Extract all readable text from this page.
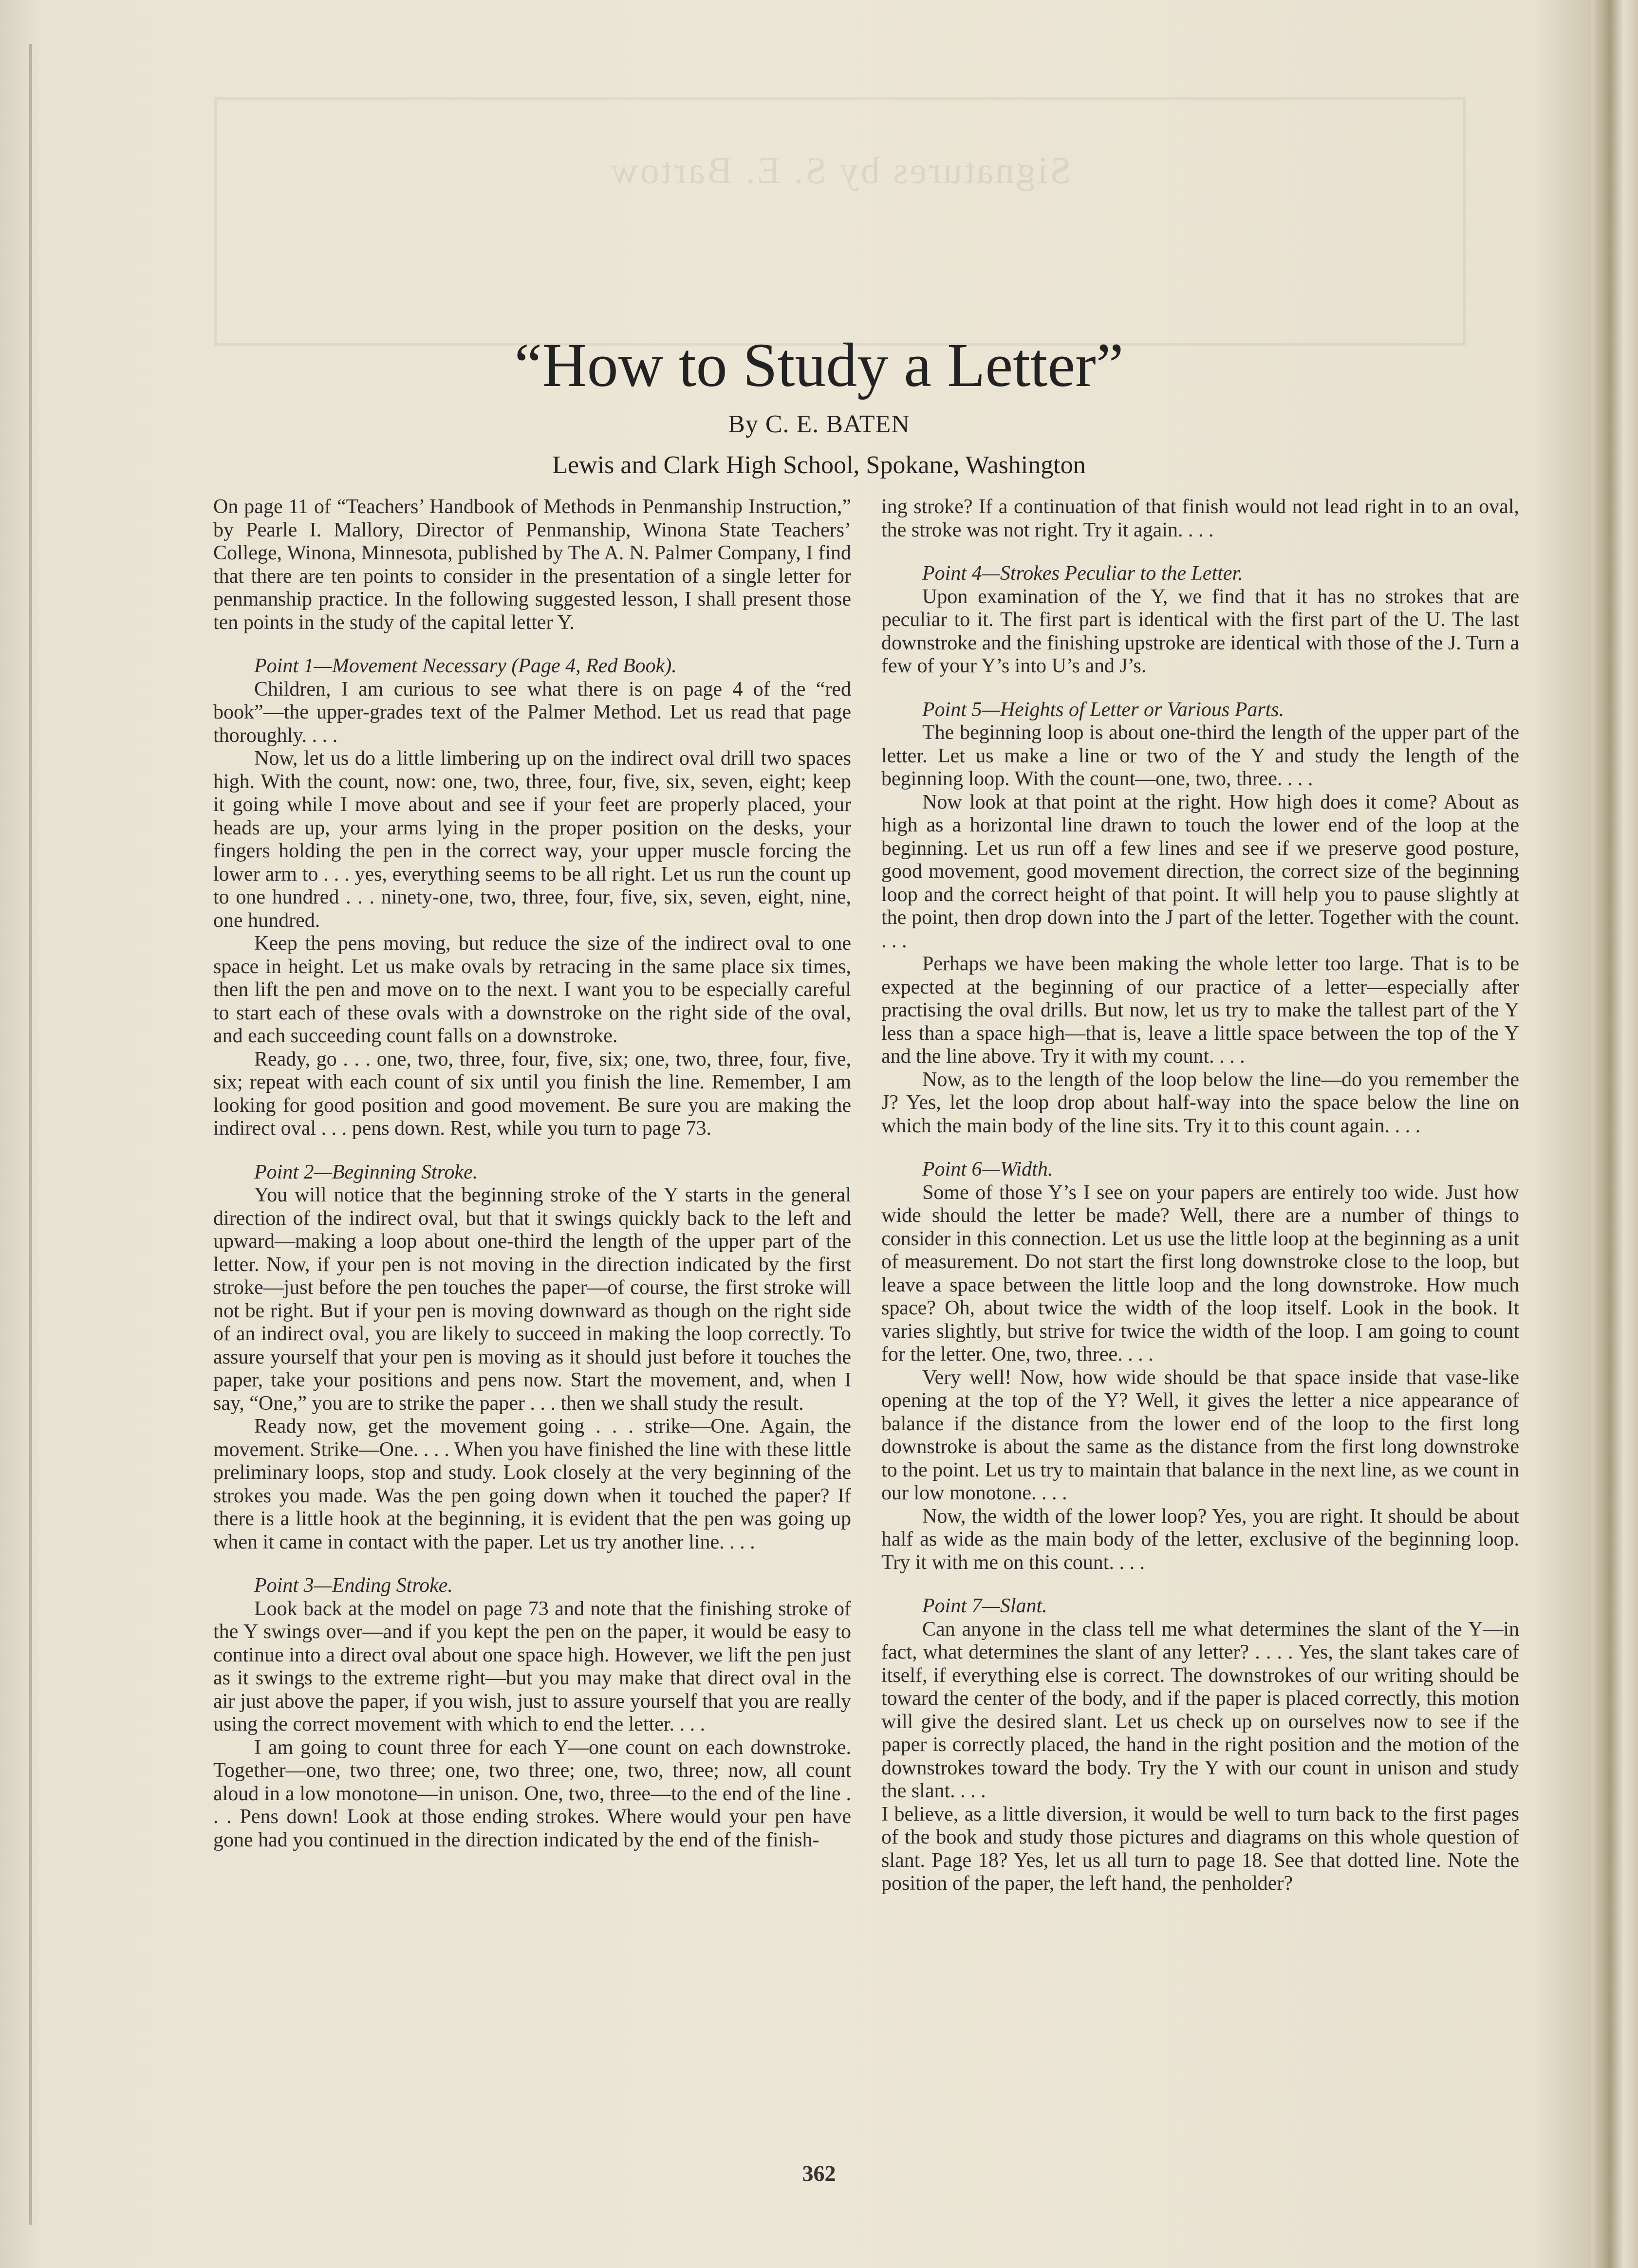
Signatures by S. E. Bartow
“How to Study a Letter”
By C. E. BATEN
Lewis and Clark High School, Spokane, Washington

On page 11 of “Teachers’ Handbook of Methods in Penmanship Instruction,” by Pearle I. Mallory, Director of Penmanship, Winona State Teachers’ College, Winona, Minnesota, published by The A. N. Palmer Company, I find that there are ten points to consider in the presentation of a single letter for penmanship practice. In the following suggested lesson, I shall present those ten points in the study of the capital letter Y.

Point 1—Movement Necessary (Page 4, Red Book).

Children, I am curious to see what there is on page 4 of the “red book”—the upper-grades text of the Palmer Method. Let us read that page thoroughly. . . .

Now, let us do a little limbering up on the indirect oval drill two spaces high. With the count, now: one, two, three, four, five, six, seven, eight; keep it going while I move about and see if your feet are properly placed, your heads are up, your arms lying in the proper position on the desks, your fingers holding the pen in the correct way, your upper muscle forcing the lower arm to . . . yes, everything seems to be all right. Let us run the count up to one hundred . . . ninety-one, two, three, four, five, six, seven, eight, nine, one hundred.

Keep the pens moving, but reduce the size of the indirect oval to one space in height. Let us make ovals by retracing in the same place six times, then lift the pen and move on to the next. I want you to be especially careful to start each of these ovals with a downstroke on the right side of the oval, and each succeeding count falls on a downstroke.

Ready, go . . . one, two, three, four, five, six; one, two, three, four, five, six; repeat with each count of six until you finish the line. Remember, I am looking for good position and good movement. Be sure you are making the indirect oval . . . pens down. Rest, while you turn to page 73.

Point 2—Beginning Stroke.

You will notice that the beginning stroke of the Y starts in the general direction of the indirect oval, but that it swings quickly back to the left and upward—making a loop about one-third the length of the upper part of the letter. Now, if your pen is not moving in the direction indicated by the first stroke—just before the pen touches the paper—of course, the first stroke will not be right. But if your pen is moving downward as though on the right side of an indirect oval, you are likely to succeed in making the loop correctly. To assure yourself that your pen is moving as it should just before it touches the paper, take your positions and pens now. Start the movement, and, when I say, “One,” you are to strike the paper . . . then we shall study the result.

Ready now, get the movement going . . . strike—One. Again, the movement. Strike—One. . . . When you have finished the line with these little preliminary loops, stop and study. Look closely at the very beginning of the strokes you made. Was the pen going down when it touched the paper? If there is a little hook at the beginning, it is evident that the pen was going up when it came in contact with the paper. Let us try another line. . . .

Point 3—Ending Stroke.

Look back at the model on page 73 and note that the finishing stroke of the Y swings over—and if you kept the pen on the paper, it would be easy to continue into a direct oval about one space high. However, we lift the pen just as it swings to the extreme right—but you may make that direct oval in the air just above the paper, if you wish, just to assure yourself that you are really using the correct movement with which to end the letter. . . .

I am going to count three for each Y—one count on each downstroke. Together—one, two three; one, two three; one, two, three; now, all count aloud in a low monotone—in unison. One, two, three—to the end of the line . . . Pens down! Look at those ending strokes. Where would your pen have gone had you continued in the direction indicated by the end of the finish-

ing stroke? If a continuation of that finish would not lead right in to an oval, the stroke was not right. Try it again. . . .

Point 4—Strokes Peculiar to the Letter.

Upon examination of the Y, we find that it has no strokes that are peculiar to it. The first part is identical with the first part of the U. The last downstroke and the finishing upstroke are identical with those of the J. Turn a few of your Y’s into U’s and J’s.

Point 5—Heights of Letter or Various Parts.

The beginning loop is about one-third the length of the upper part of the letter. Let us make a line or two of the Y and study the length of the beginning loop. With the count—one, two, three. . . .

Now look at that point at the right. How high does it come? About as high as a horizontal line drawn to touch the lower end of the loop at the beginning. Let us run off a few lines and see if we preserve good posture, good movement, good movement direction, the correct size of the beginning loop and the correct height of that point. It will help you to pause slightly at the point, then drop down into the J part of the letter. Together with the count. . . .

Perhaps we have been making the whole letter too large. That is to be expected at the beginning of our practice of a letter—especially after practising the oval drills. But now, let us try to make the tallest part of the Y less than a space high—that is, leave a little space between the top of the Y and the line above. Try it with my count. . . .

Now, as to the length of the loop below the line—do you remember the J? Yes, let the loop drop about half-way into the space below the line on which the main body of the line sits. Try it to this count again. . . .

Point 6—Width.

Some of those Y’s I see on your papers are entirely too wide. Just how wide should the letter be made? Well, there are a number of things to consider in this connection. Let us use the little loop at the beginning as a unit of measurement. Do not start the first long downstroke close to the loop, but leave a space between the little loop and the long downstroke. How much space? Oh, about twice the width of the loop itself. Look in the book. It varies slightly, but strive for twice the width of the loop. I am going to count for the letter. One, two, three. . . .

Very well! Now, how wide should be that space inside that vase-like opening at the top of the Y? Well, it gives the letter a nice appearance of balance if the distance from the lower end of the loop to the first long downstroke is about the same as the distance from the first long downstroke to the point. Let us try to maintain that balance in the next line, as we count in our low monotone. . . .

Now, the width of the lower loop? Yes, you are right. It should be about half as wide as the main body of the letter, exclusive of the beginning loop. Try it with me on this count. . . .

Point 7—Slant.

Can anyone in the class tell me what determines the slant of the Y—in fact, what determines the slant of any letter? . . . . Yes, the slant takes care of itself, if everything else is correct. The downstrokes of our writing should be toward the center of the body, and if the paper is placed correctly, this motion will give the desired slant. Let us check up on ourselves now to see if the paper is correctly placed, the hand in the right position and the motion of the downstrokes toward the body. Try the Y with our count in unison and study the slant. . . .

I believe, as a little diversion, it would be well to turn back to the first pages of the book and study those pictures and diagrams on this whole question of slant. Page 18? Yes, let us all turn to page 18. See that dotted line. Note the position of the paper, the left hand, the penholder?

362
